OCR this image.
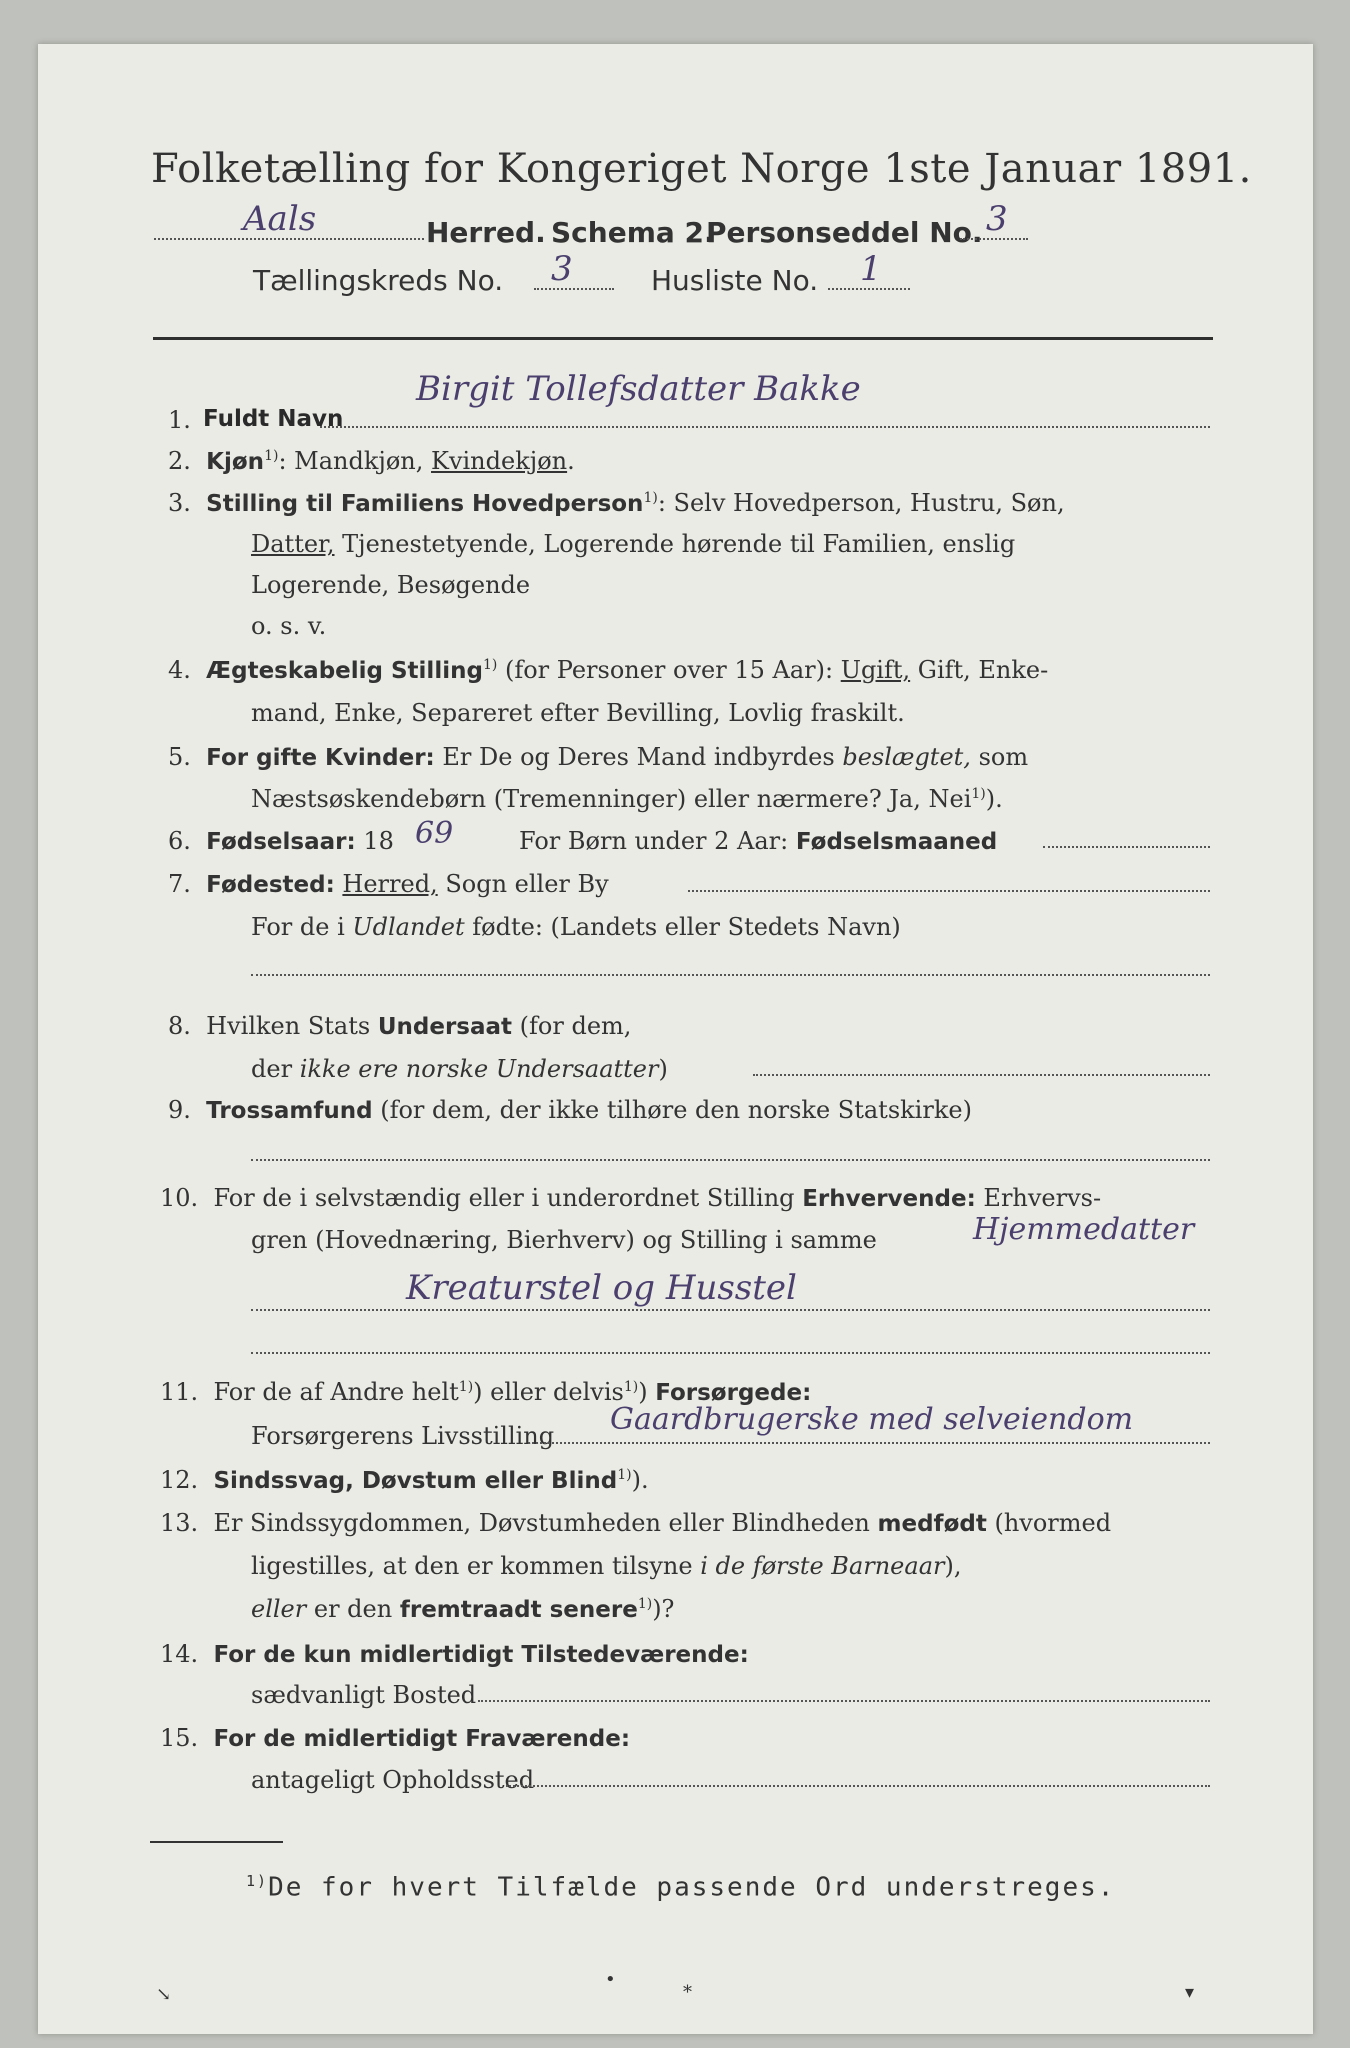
Folketælling for Kongeriget Norge 1ste Januar 1891.
Aals	Herred. Schema 2.
Personseddel No. 3
Tællingskreds No. 3	Husliste No. 1
1. Fuldt Navn
Birgit Tollefsdatter Bakke
2. Kjøn$^{1)}$: Mandkjøn, Kvindekjøn.
3. Stilling til Familiens Hovedperson$^{1)}$: Selv Hovedperson, Hustru, Søn,
Datter, Tjenestetyende, Logerende hørende til Familien, enslig
Logerende, Besøgende
o. s. v.
4. Ægteskabelig Stilling$^{1)}$ (for Personer over 15 Aar): Ugift, Gift, Enke-
mand, Enke, Separeret efter Bevilling, Lovlig fraskilt.
5. For gifte Kvinder: Er De og Deres Mand indbyrdes beslægtet, som
Næstsøskendebørn (Tremenninger) eller nærmere? Ja, Nei$^{1)}$).
6. Fødselsaar: 18 69	For Børn under 2 Aar: Fødselsmaaned
7. Fødested: Herred, Sogn eller By
For de i Udlandet fødte: (Landets eller Stedets Navn)
8. Hvilken Stats Undersaat (for dem,
der ikke ere norske Undersaatter)
9. Trossamfund (for dem, der ikke tilhøre den norske Statskirke)
10. For de i selvstændig eller i underordnet Stilling Erhvervende: Erhvervs-
gren (Hovednæring, Bierhverv) og Stilling i samme	Hjemmedatter
Kreaturstel og Husstel
11. For de af Andre helt$^{1)}$) eller delvis$^{1)}$) Forsørgede:
Forsørgerens Livsstilling Gaardbrugerske med selveiendom
12. Sindssvag, Døvstum eller Blind$^{1)}$).
13. Er Sindssygdommen, Døvstumheden eller Blindheden medfødt (hvormed
ligestilles, at den er kommen tilsyne i de første Barneaar),
eller er den fremtraadt senere$^{1)}$)?
14. For de kun midlertidigt Tilstedeværende:
sædvanligt Bosted
15. For de midlertidigt Fraværende:
antageligt Opholdssted
$^{1)}$De for hvert Tilfælde passende Ord understreges.
↘
•
*	▾
